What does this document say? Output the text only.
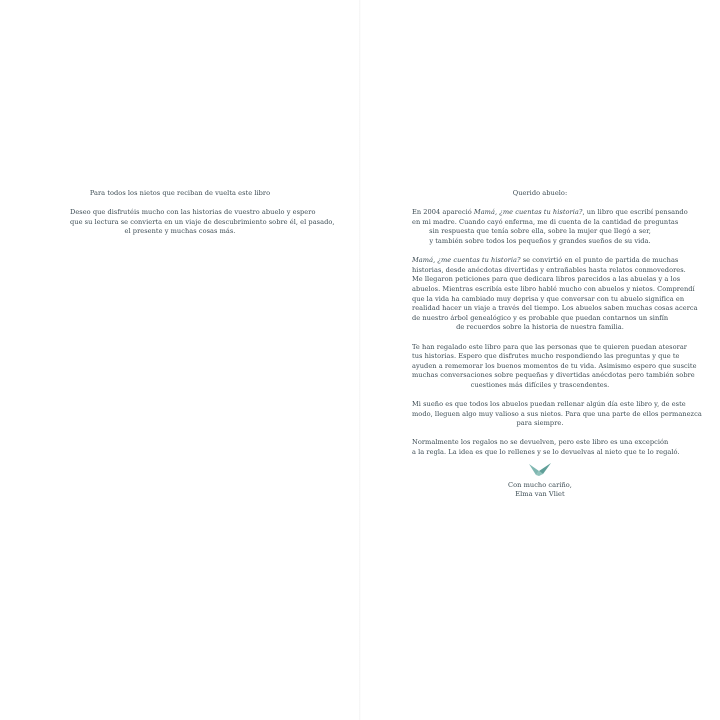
Para todos los nietos que reciban de vuelta este libro

Deseo que disfrutéis mucho con las historias de vuestro abuelo y espero
que su lectura se convierta en un viaje de descubrimiento sobre él, el pasado,
el presente y muchas cosas más.

Querido abuelo:

En 2004 apareció Mamá, ¿me cuentas tu historia?, un libro que escribí pensando
en mi madre. Cuando cayó enferma, me di cuenta de la cantidad de preguntas
sin respuesta que tenía sobre ella, sobre la mujer que llegó a ser,
y también sobre todos los pequeños y grandes sueños de su vida.

Mamá, ¿me cuentas tu historia? se convirtió en el punto de partida de muchas
historias, desde anécdotas divertidas y entrañables hasta relatos conmovedores.
Me llegaron peticiones para que dedicara libros parecidos a las abuelas y a los
abuelos. Mientras escribía este libro hablé mucho con abuelos y nietos. Comprendí
que la vida ha cambiado muy deprisa y que conversar con tu abuelo significa en
realidad hacer un viaje a través del tiempo. Los abuelos saben muchas cosas acerca
de nuestro árbol genealógico y es probable que puedan contarnos un sinfín
de recuerdos sobre la historia de nuestra familia.

Te han regalado este libro para que las personas que te quieren puedan atesorar
tus historias. Espero que disfrutes mucho respondiendo las preguntas y que te
ayuden a rememorar los buenos momentos de tu vida. Asimismo espero que suscite
muchas conversaciones sobre pequeñas y divertidas anécdotas pero también sobre
cuestiones más difíciles y trascendentes.

Mi sueño es que todos los abuelos puedan rellenar algún día este libro y, de este
modo, lleguen algo muy valioso a sus nietos. Para que una parte de ellos permanezca
para siempre.

Normalmente los regalos no se devuelven, pero este libro es una excepción
a la regla. La idea es que lo rellenes y se lo devuelvas al nieto que te lo regaló.

Con mucho cariño,
Elma van Vliet
